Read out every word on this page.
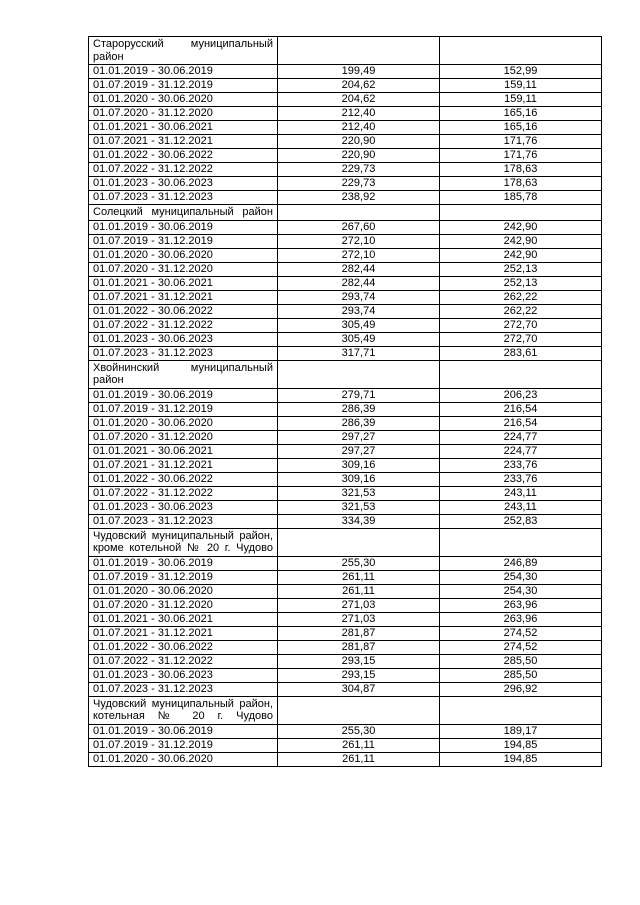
Старорусский муниципальный район		
01.01.2019 - 30.06.2019	199,49	152,99
01.07.2019 - 31.12.2019	204,62	159,11
01.01.2020 - 30.06.2020	204,62	159,11
01.07.2020 - 31.12.2020	212,40	165,16
01.01.2021 - 30.06.2021	212,40	165,16
01.07.2021 - 31.12.2021	220,90	171,76
01.01.2022 - 30.06.2022	220,90	171,76
01.07.2022 - 31.12.2022	229,73	178,63
01.01.2023 - 30.06.2023	229,73	178,63
01.07.2023 - 31.12.2023	238,92	185,78
Солецкий муниципальный район		
01.01.2019 - 30.06.2019	267,60	242,90
01.07.2019 - 31.12.2019	272,10	242,90
01.01.2020 - 30.06.2020	272,10	242,90
01.07.2020 - 31.12.2020	282,44	252,13
01.01.2021 - 30.06.2021	282,44	252,13
01.07.2021 - 31.12.2021	293,74	262,22
01.01.2022 - 30.06.2022	293,74	262,22
01.07.2022 - 31.12.2022	305,49	272,70
01.01.2023 - 30.06.2023	305,49	272,70
01.07.2023 - 31.12.2023	317,71	283,61
Хвойнинский муниципальный район		
01.01.2019 - 30.06.2019	279,71	206,23
01.07.2019 - 31.12.2019	286,39	216,54
01.01.2020 - 30.06.2020	286,39	216,54
01.07.2020 - 31.12.2020	297,27	224,77
01.01.2021 - 30.06.2021	297,27	224,77
01.07.2021 - 31.12.2021	309,16	233,76
01.01.2022 - 30.06.2022	309,16	233,76
01.07.2022 - 31.12.2022	321,53	243,11
01.01.2023 - 30.06.2023	321,53	243,11
01.07.2023 - 31.12.2023	334,39	252,83
Чудовский муниципальный район, кроме котельной № 20 г. Чудово		
01.01.2019 - 30.06.2019	255,30	246,89
01.07.2019 - 31.12.2019	261,11	254,30
01.01.2020 - 30.06.2020	261,11	254,30
01.07.2020 - 31.12.2020	271,03	263,96
01.01.2021 - 30.06.2021	271,03	263,96
01.07.2021 - 31.12.2021	281,87	274,52
01.01.2022 - 30.06.2022	281,87	274,52
01.07.2022 - 31.12.2022	293,15	285,50
01.01.2023 - 30.06.2023	293,15	285,50
01.07.2023 - 31.12.2023	304,87	296,92
Чудовский муниципальный район, котельная № 20 г. Чудово		
01.01.2019 - 30.06.2019	255,30	189,17
01.07.2019 - 31.12.2019	261,11	194,85
01.01.2020 - 30.06.2020	261,11	194,85
